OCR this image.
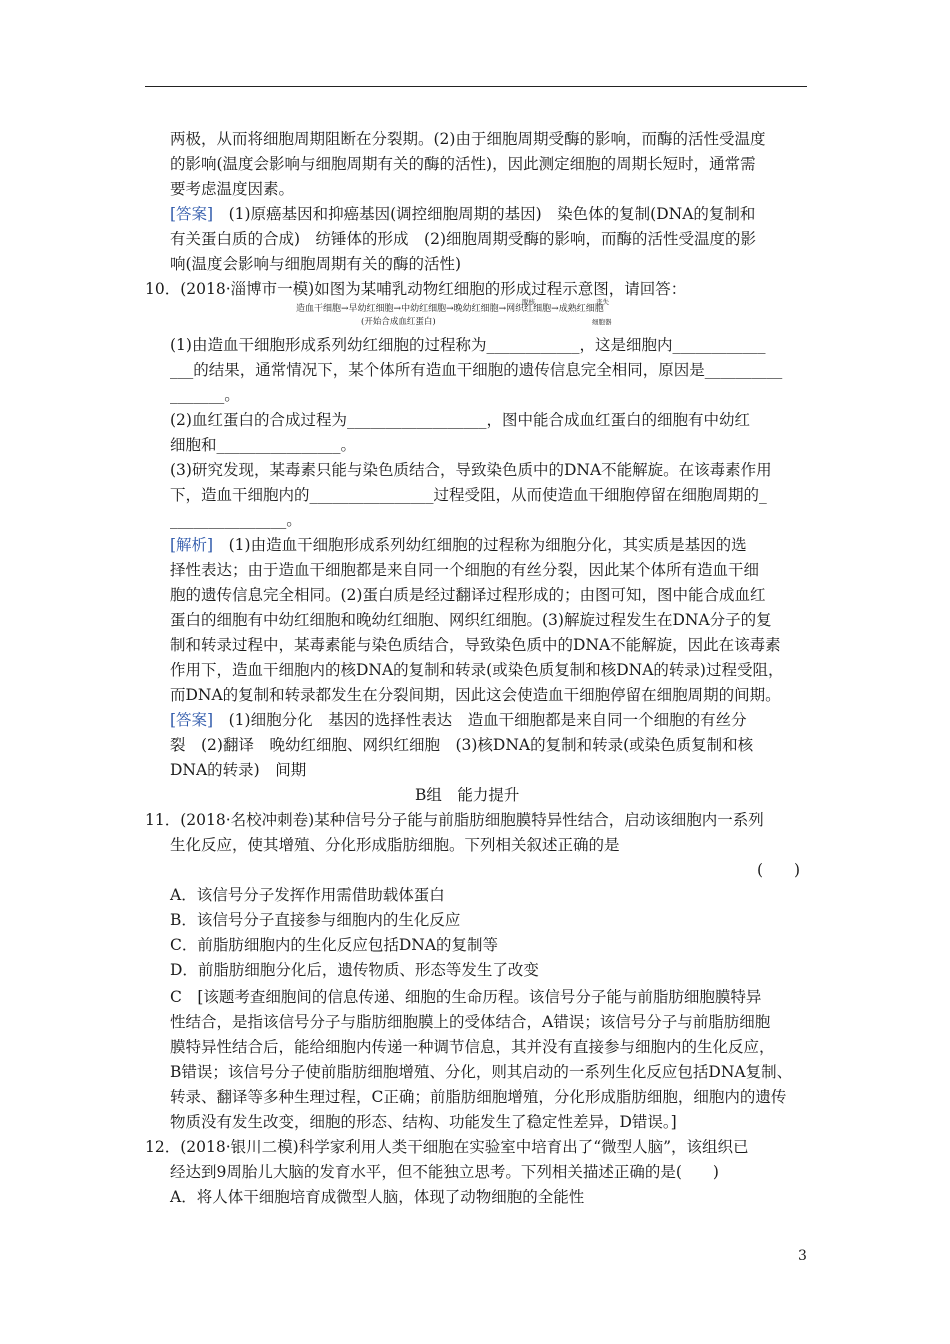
两极，从而将细胞周期阻断在分裂期。(2)由于细胞周期受酶的影响，而酶的活性受温度
的影响(温度会影响与细胞周期有关的酶的活性)，因此测定细胞的周期长短时，通常需
要考虑温度因素。
[答案]　(1)原癌基因和抑癌基因(调控细胞周期的基因)　染色体的复制(DNA的复制和
有关蛋白质的合成)　纺锤体的形成　(2)细胞周期受酶的影响，而酶的活性受温度的影
响(温度会影响与细胞周期有关的酶的活性)
10．(2018·淄博市一模)如图为某哺乳动物红细胞的形成过程示意图，请回答：
造血干细胞→早幼红细胞→中幼红细胞→晚幼红细胞→网织红细胞→成熟红细胞
脱核	丧失
细胞器
(开始合成血红蛋白)
(1)由造血干细胞形成系列幼红细胞的过程称为____________，这是细胞内____________
___的结果，通常情况下，某个体所有造血干细胞的遗传信息完全相同，原因是__________
_______。
(2)血红蛋白的合成过程为__________________，图中能合成血红蛋白的细胞有中幼红
细胞和________________。
(3)研究发现，某毒素只能与染色质结合，导致染色质中的DNA不能解旋。在该毒素作用
下，造血干细胞内的________________过程受阻，从而使造血干细胞停留在细胞周期的_
_______________。
[解析]　(1)由造血干细胞形成系列幼红细胞的过程称为细胞分化，其实质是基因的选
择性表达；由于造血干细胞都是来自同一个细胞的有丝分裂，因此某个体所有造血干细
胞的遗传信息完全相同。(2)蛋白质是经过翻译过程形成的；由图可知，图中能合成血红
蛋白的细胞有中幼红细胞和晚幼红细胞、网织红细胞。(3)解旋过程发生在DNA分子的复
制和转录过程中，某毒素能与染色质结合，导致染色质中的DNA不能解旋，因此在该毒素
作用下，造血干细胞内的核DNA的复制和转录(或染色质复制和核DNA的转录)过程受阻，
而DNA的复制和转录都发生在分裂间期，因此这会使造血干细胞停留在细胞周期的间期。
[答案]　(1)细胞分化　基因的选择性表达　造血干细胞都是来自同一个细胞的有丝分
裂　(2)翻译　晚幼红细胞、网织红细胞　(3)核DNA的复制和转录(或染色质复制和核
DNA的转录)　间期
B组　能力提升
11．(2018·名校冲刺卷)某种信号分子能与前脂肪细胞膜特异性结合，启动该细胞内一系列
生化反应，使其增殖、分化形成脂肪细胞。下列相关叙述正确的是
(　　)
A．该信号分子发挥作用需借助载体蛋白
B．该信号分子直接参与细胞内的生化反应
C．前脂肪细胞内的生化反应包括DNA的复制等
D．前脂肪细胞分化后，遗传物质、形态等发生了改变
C　[该题考查细胞间的信息传递、细胞的生命历程。该信号分子能与前脂肪细胞膜特异
性结合，是指该信号分子与脂肪细胞膜上的受体结合，A错误；该信号分子与前脂肪细胞
膜特异性结合后，能给细胞内传递一种调节信息，其并没有直接参与细胞内的生化反应，
B错误；该信号分子使前脂肪细胞增殖、分化，则其启动的一系列生化反应包括DNA复制、
转录、翻译等多种生理过程，C正确；前脂肪细胞增殖，分化形成脂肪细胞，细胞内的遗传
物质没有发生改变，细胞的形态、结构、功能发生了稳定性差异，D错误。]
12．(2018·银川二模)科学家利用人类干细胞在实验室中培育出了“微型人脑”，该组织已
经达到9周胎儿大脑的发育水平，但不能独立思考。下列相关描述正确的是(　　)
A．将人体干细胞培育成微型人脑，体现了动物细胞的全能性
3
